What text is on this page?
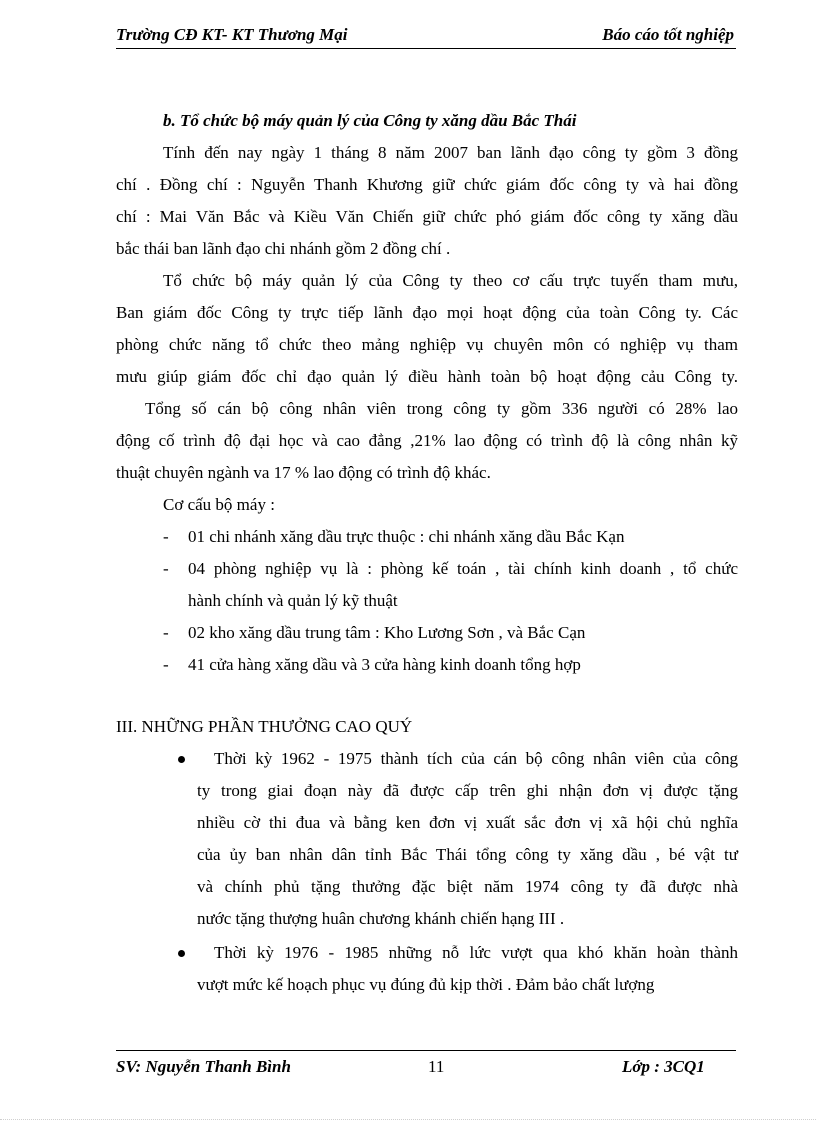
Trường CĐ KT- KT Thương Mại	Báo cáo tốt nghiệp
b. Tổ chức bộ máy quản lý của Công ty xăng dầu Bắc Thái
Tính đến nay ngày 1 tháng 8 năm 2007 ban lãnh đạo công ty gồm 3 đồng
chí . Đồng chí : Nguyễn Thanh Khương giữ chức giám đốc công ty và hai đồng
chí : Mai Văn Bắc và Kiều Văn Chiến giữ chức phó giám đốc công ty xăng dầu
bắc thái ban lãnh đạo chi nhánh gồm 2 đồng chí .
Tổ chức bộ máy quản lý của Công ty theo cơ cấu trực tuyến tham mưu,
Ban giám đốc Công ty trực tiếp lãnh đạo mọi hoạt động của toàn Công ty. Các
phòng chức năng tổ chức theo mảng nghiệp vụ chuyên môn có nghiệp vụ tham
mưu giúp giám đốc chỉ đạo quản lý điều hành toàn bộ hoạt động cảu Công ty.
Tổng số cán bộ công nhân viên trong công ty gồm 336 người có 28% lao
động cố trình độ đại học và cao đẳng ,21% lao động có trình độ là công nhân kỹ
thuật chuyên ngành va 17 % lao động có trình độ khác.
Cơ cấu bộ máy :
- 01 chi nhánh xăng dầu trực thuộc : chi nhánh xăng dầu Bắc Kạn
- 04 phòng nghiệp vụ là : phòng kế toán , tài chính kinh doanh , tổ chức
hành chính và quản lý kỹ thuật
- 02 kho xăng dầu trung tâm : Kho Lương Sơn , và Bắc Cạn
- 41 cửa hàng xăng dầu và 3 cửa hàng kinh doanh tổng hợp
III. NHỮNG PHẦN THƯỞNG CAO QUÝ
Thời kỳ 1962 - 1975 thành tích của cán bộ công nhân viên của công
ty trong giai đoạn này đã được cấp trên ghi nhận đơn vị được tặng
nhiều cờ thi đua và bằng ken đơn vị xuất sắc đơn vị xã hội chủ nghĩa
của ủy ban nhân dân tỉnh Bắc Thái tổng công ty xăng dầu , bé vật tư
và chính phủ tặng thưởng đặc biệt năm 1974 công ty đã được nhà
nước tặng thượng huân chương khánh chiến hạng III .
Thời kỳ 1976 - 1985 những nỗ lức vượt qua khó khăn hoàn thành
vượt mức kế hoạch phục vụ đúng đủ kịp thời . Đảm bảo chất lượng
SV: Nguyễn Thanh Bình	11	Lớp : 3CQ1
